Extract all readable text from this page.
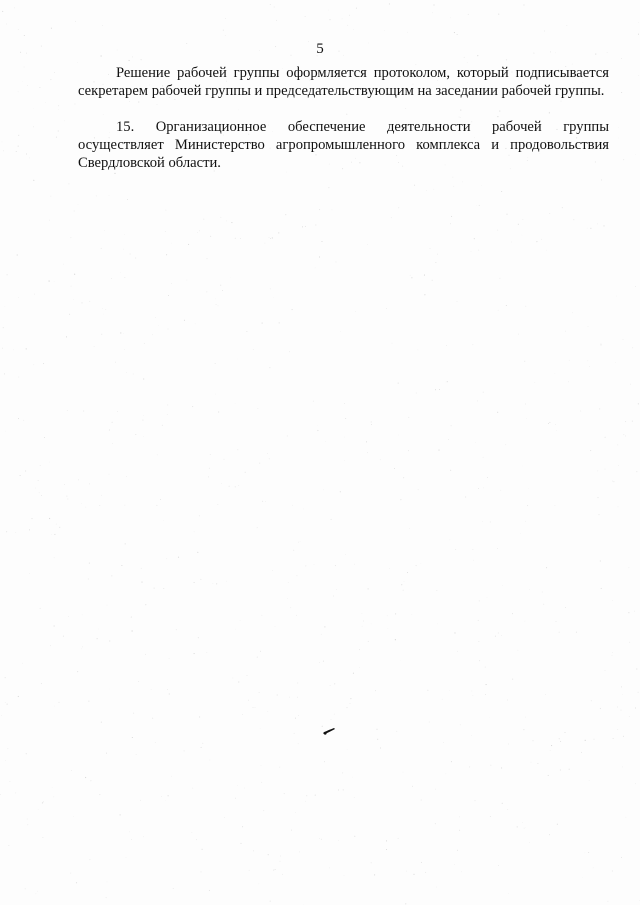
5

Решение рабочей группы оформляется протоколом, который подписывается секретарем рабочей группы и председательствующим на заседании рабочей группы.

15. Организационное обеспечение деятельности рабочей группы осуществляет Министерство агропромышленного комплекса и продовольствия Свердловской области.
